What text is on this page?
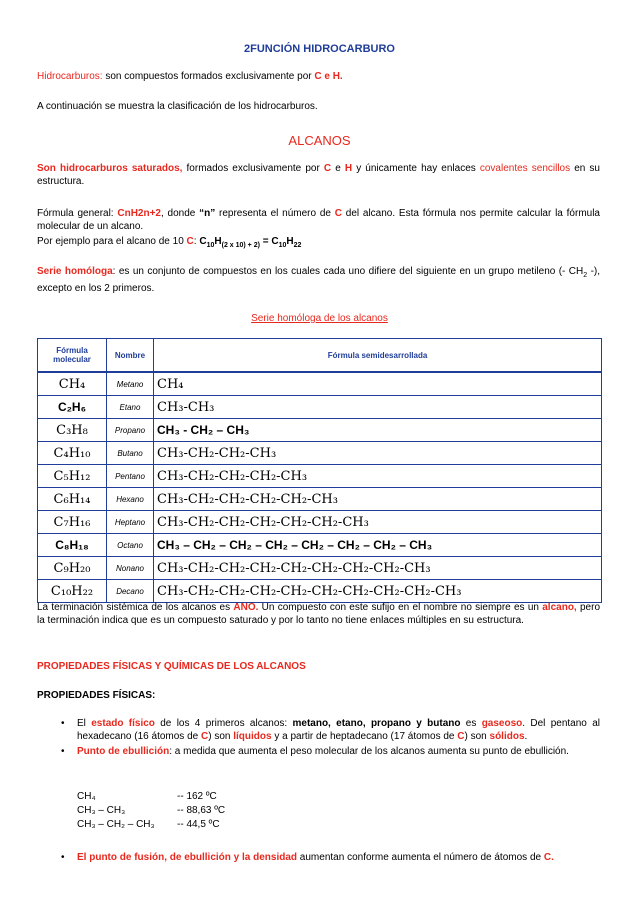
2FUNCIÓN HIDROCARBURO
Hidrocarburos: son compuestos formados exclusivamente por C e H.
A continuación se muestra la clasificación de los hidrocarburos.
ALCANOS
Son hidrocarburos saturados, formados exclusivamente por C e H y únicamente hay enlaces covalentes sencillos en su estructura.
Fórmula general: CnH2n+2, donde “n” representa el número de C del alcano. Esta fórmula nos permite calcular la fórmula molecular de un alcano.
Por ejemplo para el alcano de 10 C: $C_{10}H_{(2 x 10) + 2)} = C_{10}H_{22}$
Serie homóloga: es un conjunto de compuestos en los cuales cada uno difiere del siguiente en un grupo metileno (- $CH_2$ -), excepto en los 2 primeros.
Serie homóloga de los alcanos
Fórmula molecular	Nombre	Fórmula semidesarrollada
CH₄	Metano	CH₄
C₂H₆	Etano	CH₃-CH₃
C₃H₈	Propano	CH₃ - CH₂ – CH₃
C₄H₁₀	Butano	CH₃-CH₂-CH₂-CH₃
C₅H₁₂	Pentano	CH₃-CH₂-CH₂-CH₂-CH₃
C₆H₁₄	Hexano	CH₃-CH₂-CH₂-CH₂-CH₂-CH₃
C₇H₁₆	Heptano	CH₃-CH₂-CH₂-CH₂-CH₂-CH₂-CH₃
C₈H₁₈	Octano	CH₃ – CH₂ – CH₂ – CH₂ – CH₂ – CH₂ – CH₂ – CH₃
C₉H₂₀	Nonano	CH₃-CH₂-CH₂-CH₂-CH₂-CH₂-CH₂-CH₂-CH₃
C₁₀H₂₂	Decano	CH₃-CH₂-CH₂-CH₂-CH₂-CH₂-CH₂-CH₂-CH₂-CH₃
La terminación sistémica de los alcanos es ANO. Un compuesto con este sufijo en el nombre no siempre es un alcano, pero la terminación indica que es un compuesto saturado y por lo tanto no tiene enlaces múltiples en su estructura.
PROPIEDADES FÍSICAS Y QUÍMICAS DE LOS ALCANOS
PROPIEDADES FÍSICAS:
• El estado físico de los 4 primeros alcanos: metano, etano, propano y butano es gaseoso. Del pentano al hexadecano (16 átomos de C) son líquidos y a partir de heptadecano (17 átomos de C) son sólidos.
• Punto de ebullición: a medida que aumenta el peso molecular de los alcanos aumenta su punto de ebullición.
CH₄	-- 162 ºC
CH₃ – CH₃	-- 88,63 ºC
CH₃ – CH₂ – CH₃ -- 44,5 ºC
• El punto de fusión, de ebullición y la densidad aumentan conforme aumenta el número de átomos de C.
